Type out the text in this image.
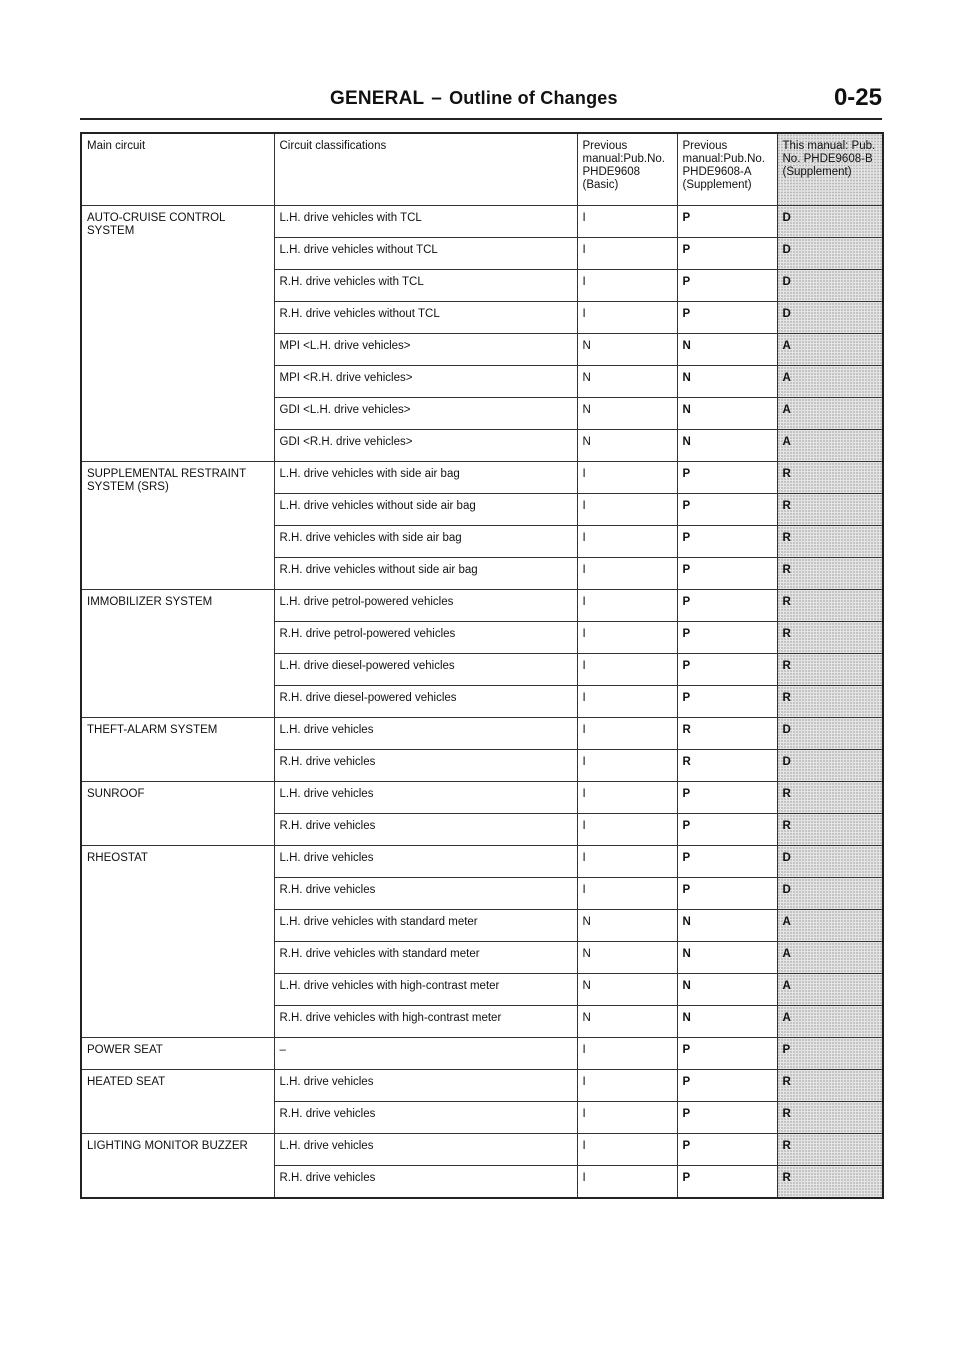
GENERAL – Outline of Changes	0-25
Main circuit	Circuit classifications	Previous manual:Pub.No. PHDE9608 (Basic)	Previous manual:Pub.No. PHDE9608-A (Supplement)	This manual: Pub. No. PHDE9608-B (Supplement)
AUTO-CRUISE CONTROL SYSTEM	L.H. drive vehicles with TCL	I	P	D
	L.H. drive vehicles without TCL	I	P	D
	R.H. drive vehicles with TCL	I	P	D
	R.H. drive vehicles without TCL	I	P	D
	MPI <L.H. drive vehicles>	N	N	A
	MPI <R.H. drive vehicles>	N	N	A
	GDI <L.H. drive vehicles>	N	N	A
	GDI <R.H. drive vehicles>	N	N	A
SUPPLEMENTAL RESTRAINT SYSTEM (SRS)	L.H. drive vehicles with side air bag	I	P	R
	L.H. drive vehicles without side air bag	I	P	R
	R.H. drive vehicles with side air bag	I	P	R
	R.H. drive vehicles without side air bag	I	P	R
IMMOBILIZER SYSTEM	L.H. drive petrol-powered vehicles	I	P	R
	R.H. drive petrol-powered vehicles	I	P	R
	L.H. drive diesel-powered vehicles	I	P	R
	R.H. drive diesel-powered vehicles	I	P	R
THEFT-ALARM SYSTEM	L.H. drive vehicles	I	R	D
	R.H. drive vehicles	I	R	D
SUNROOF	L.H. drive vehicles	I	P	R
	R.H. drive vehicles	I	P	R
RHEOSTAT	L.H. drive vehicles	I	P	D
	R.H. drive vehicles	I	P	D
	L.H. drive vehicles with standard meter	N	N	A
	R.H. drive vehicles with standard meter	N	N	A
	L.H. drive vehicles with high-contrast meter	N	N	A
	R.H. drive vehicles with high-contrast meter	N	N	A
POWER SEAT	–	I	P	P
HEATED SEAT	L.H. drive vehicles	I	P	R
	R.H. drive vehicles	I	P	R
LIGHTING MONITOR BUZZER	L.H. drive vehicles	I	P	R
	R.H. drive vehicles	I	P	R
